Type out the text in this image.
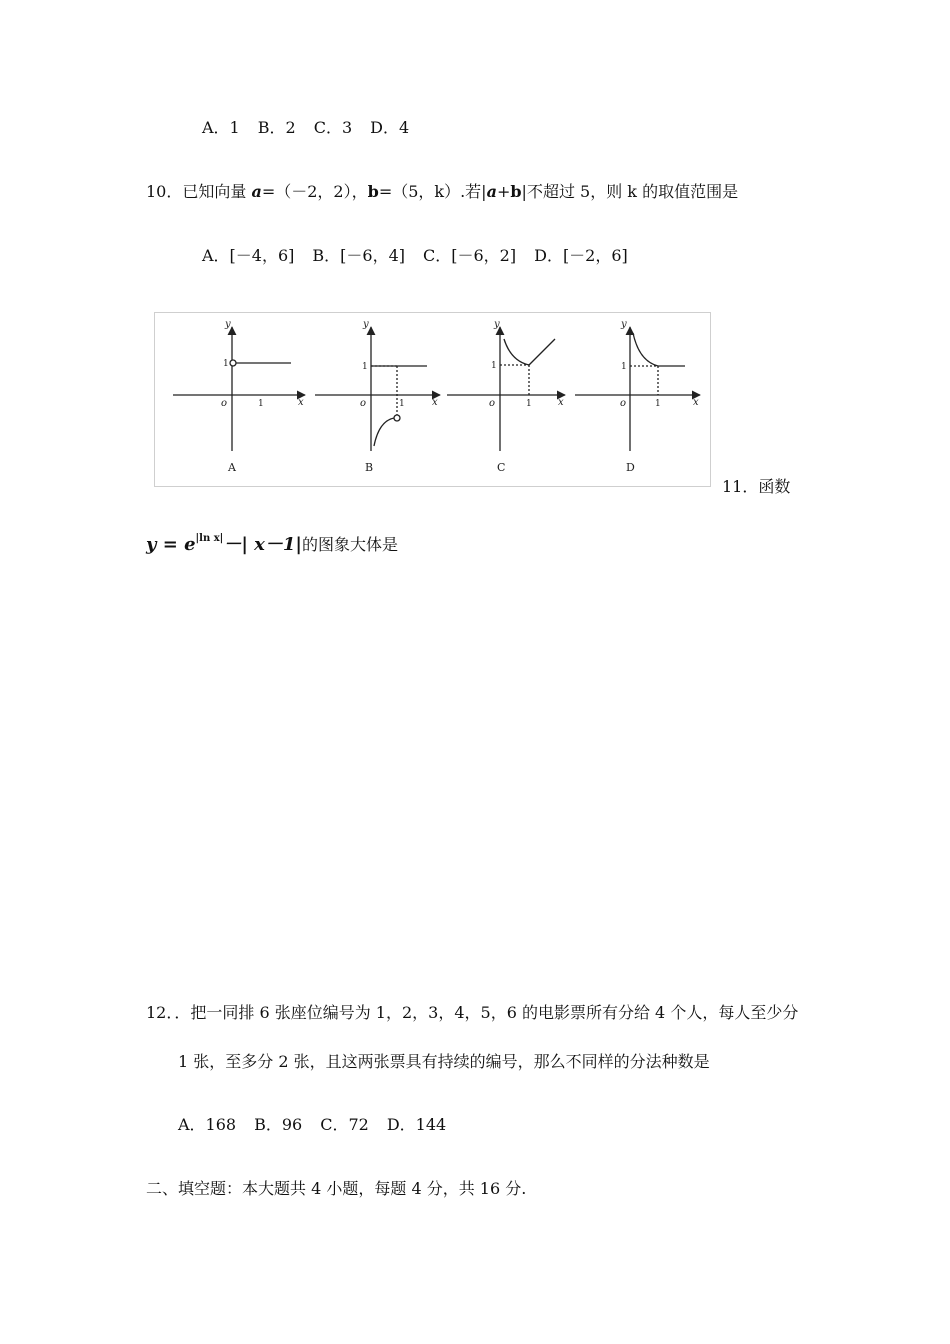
A．1 B．2 C．3 D．4
10．已知向量 a=（－2，2），b=（5，k）.若|a+b|不超过 5，则 k 的取值范围是
A．[－4，6] B．[－6，4] C．[－6，2] D．[－2，6]
y
x
o
y
x
o
y
x
o
y
x
o
1
1
1
1
1
1
1
1
A	B	C	D
11．函数
$y = e^{|ln x|}-|$ x－1|的图象大体是
12．．把一同排 6 张座位编号为 1，2，3，4，5，6 的电影票所有分给 4 个人，每人至少分
1 张，至多分 2 张，且这两张票具有持续的编号，那么不同样的分法种数是
A．168 B．96 C．72 D．144
二、填空题：本大题共 4 小题，每题 4 分，共 16 分.
